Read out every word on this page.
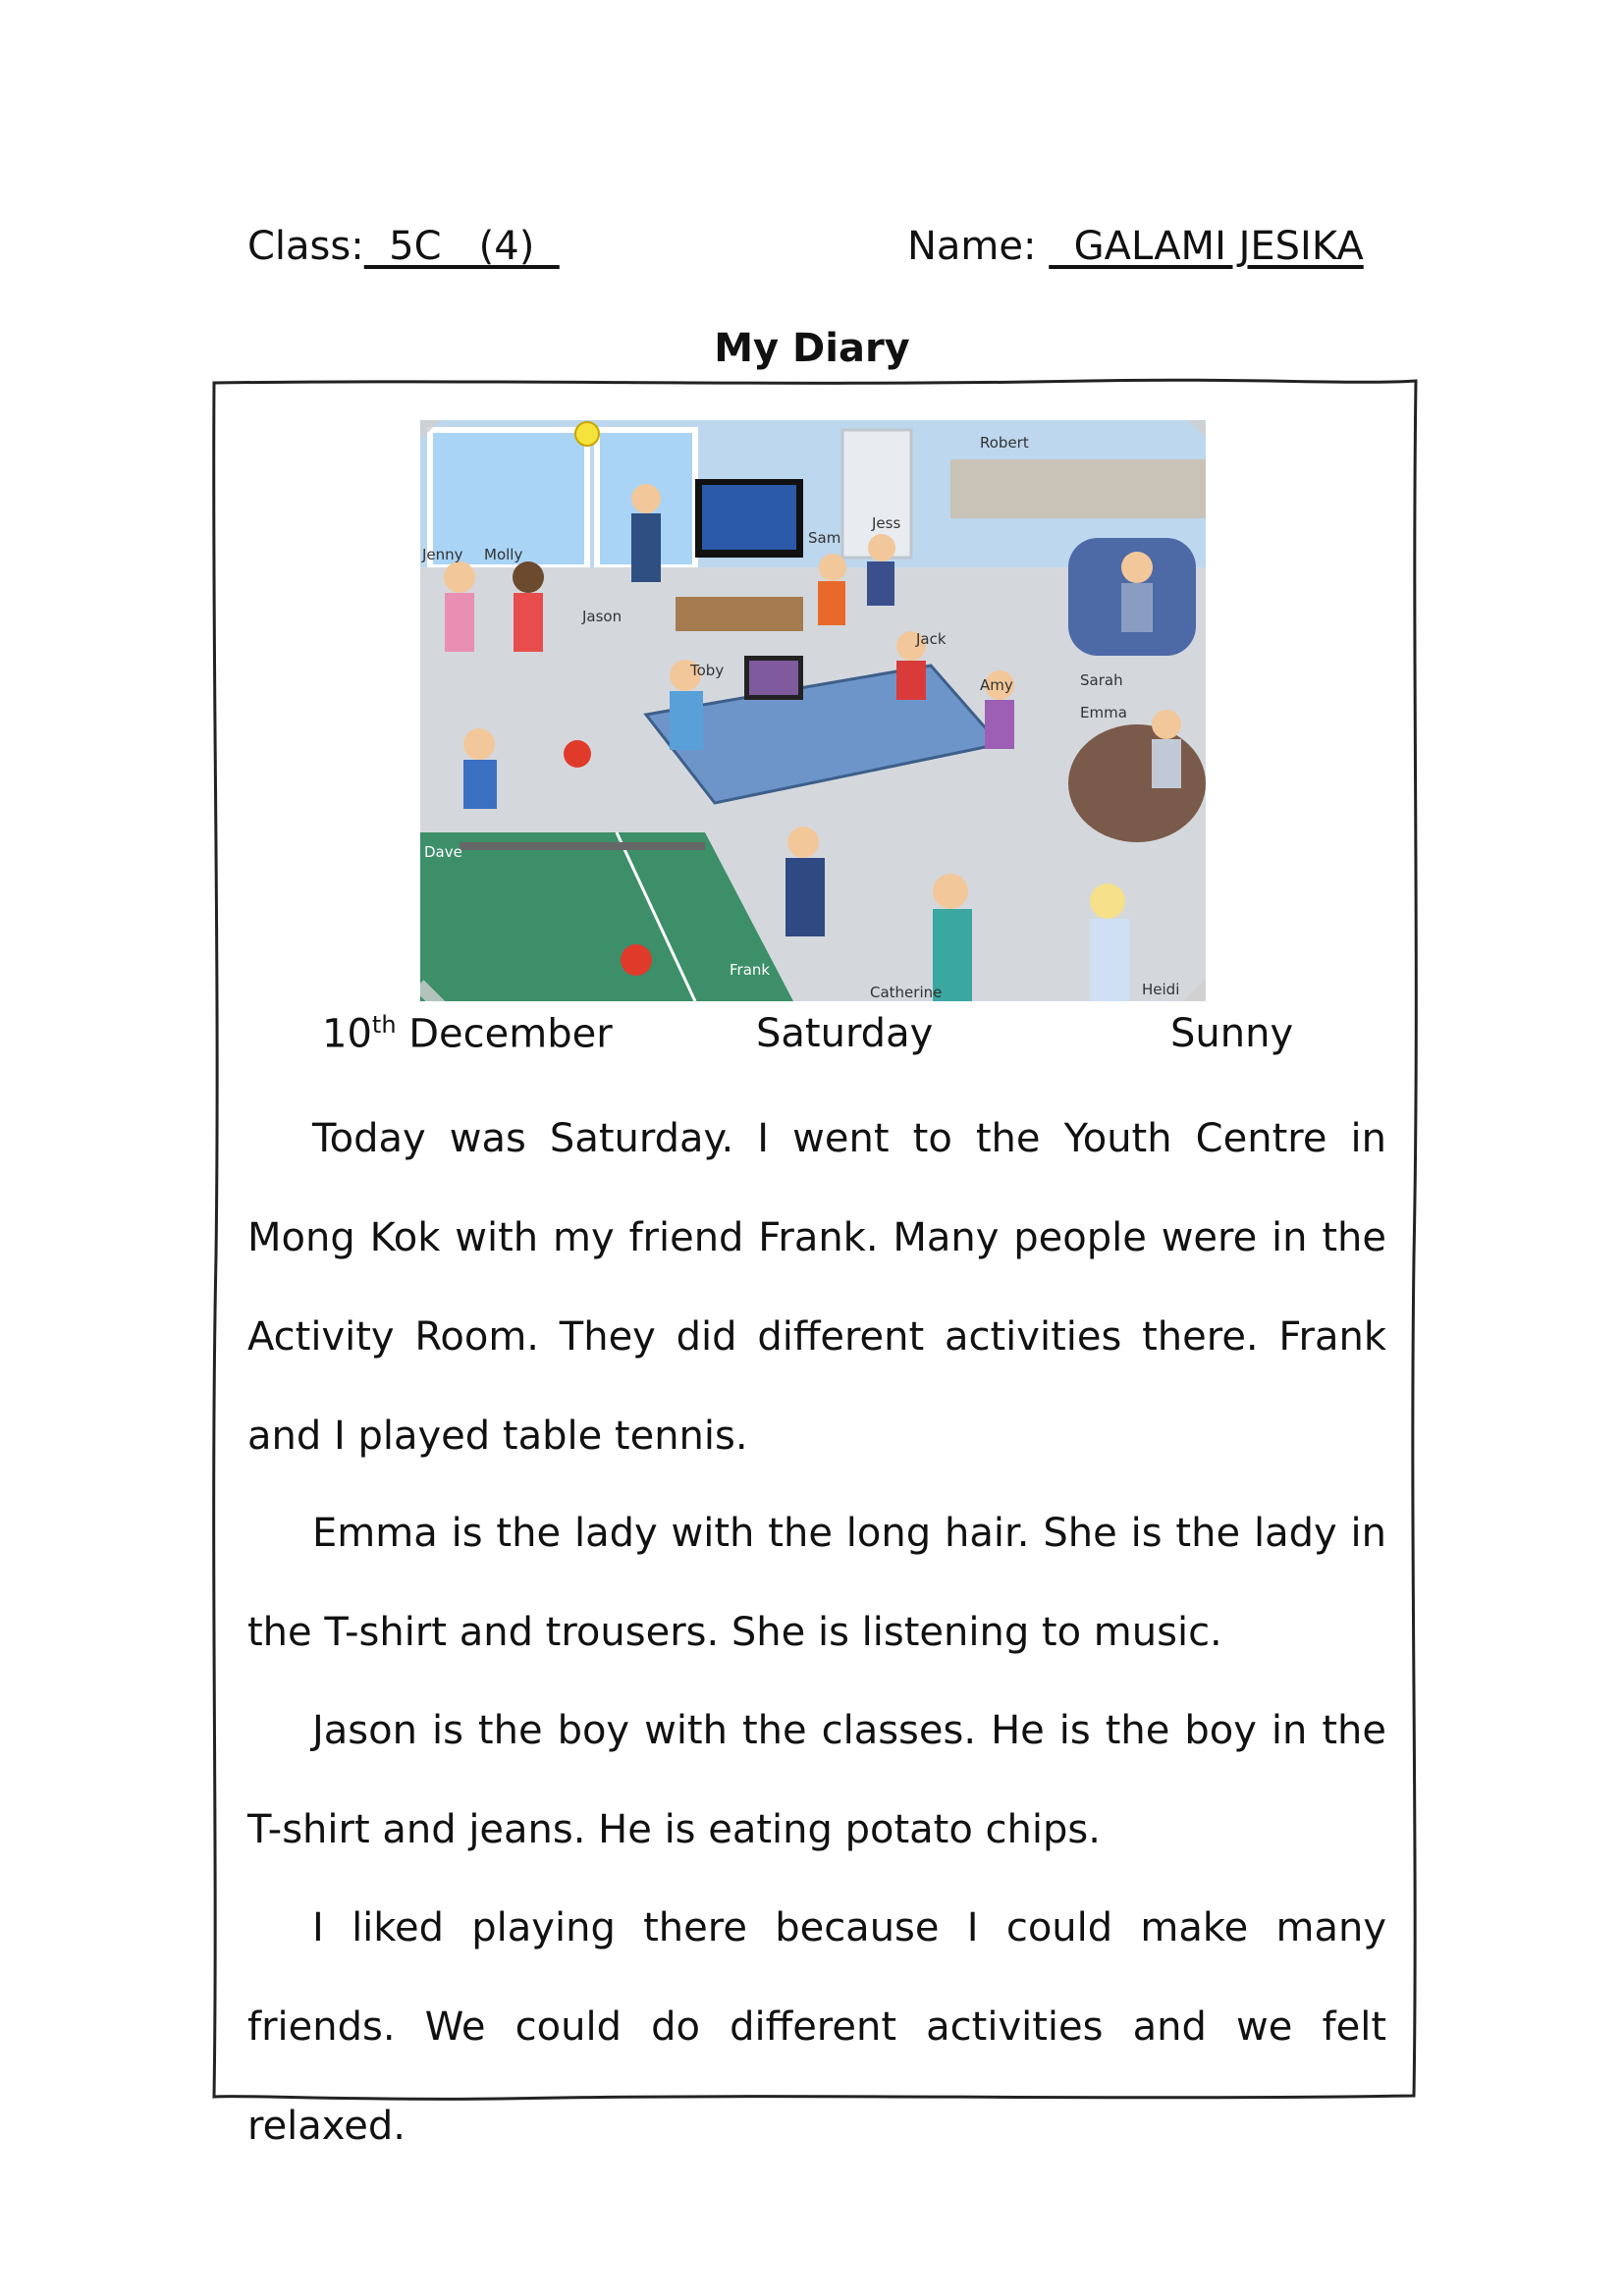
Class:  5C   (4)	Name:   GALAMI JESIKA
My Diary
Robert
Jess
Sam
Jenny Molly
Jason
Toby
Jack
Amy	Sarah
Emma
Dave
Frank
Catherine	Heidi
10th December	Saturday	Sunny

Today was Saturday. I went to the Youth Centre in Mong Kok with my friend Frank. Many people were in the Activity Room. They did different activities there. Frank and I played table tennis.

Emma is the lady with the long hair. She is the lady in the T-shirt and trousers. She is listening to music.

Jason is the boy with the classes. He is the boy in the T-shirt and jeans. He is eating potato chips.

I liked playing there because I could make many friends. We could do different activities and we felt relaxed.
